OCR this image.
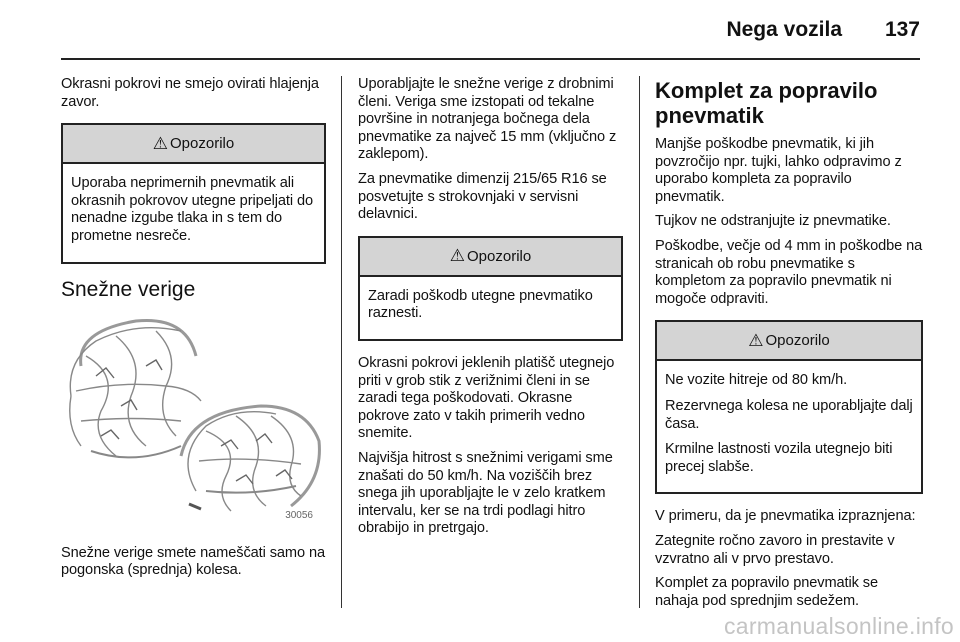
Nega vozila 137

Okrasni pokrovi ne smejo ovirati hlajenja zavor.

⚠ Opozorilo

Uporaba neprimernih pnevmatik ali okrasnih pokrovov utegne pripeljati do nenadne izgube tlaka in s tem do prometne nesreče.

Snežne verige
30056

Snežne verige smete nameščati samo na pogonska (sprednja) kolesa.

Uporabljajte le snežne verige z drobnimi členi. Veriga sme izstopati od tekalne površine in notranjega bočnega dela pnevmatike za največ 15 mm (vključno z zaklepom).

Za pnevmatike dimenzij 215/65 R16 se posvetujte s strokovnjaki v servisni delavnici.

⚠ Opozorilo

Zaradi poškodb utegne pnevmatiko raznesti.

Okrasni pokrovi jeklenih platišč utegnejo priti v grob stik z verižnimi členi in se zaradi tega poškodovati. Okrasne pokrove zato v takih primerih vedno snemite.

Najvišja hitrost s snežnimi verigami sme znašati do 50 km/h. Na voziščih brez snega jih uporabljajte le v zelo kratkem intervalu, ker se na trdi podlagi hitro obrabijo in pretrgajo.

Komplet za popravilo pnevmatik

Manjše poškodbe pnevmatik, ki jih povzročijo npr. tujki, lahko odpravimo z uporabo kompleta za popravilo pnevmatik.

Tujkov ne odstranjujte iz pnevmatike.

Poškodbe, večje od 4 mm in poškodbe na stranicah ob robu pnevmatike s kompletom za popravilo pnevmatik ni mogoče odpraviti.

⚠ Opozorilo

Ne vozite hitreje od 80 km/h.

Rezervnega kolesa ne uporabljajte dalj časa.

Krmilne lastnosti vozila utegnejo biti precej slabše.

V primeru, da je pnevmatika izpraznjena:

Zategnite ročno zavoro in prestavite v vzvratno ali v prvo prestavo.

Komplet za popravilo pnevmatik se nahaja pod sprednjim sedežem.

carmanualsonline.info
